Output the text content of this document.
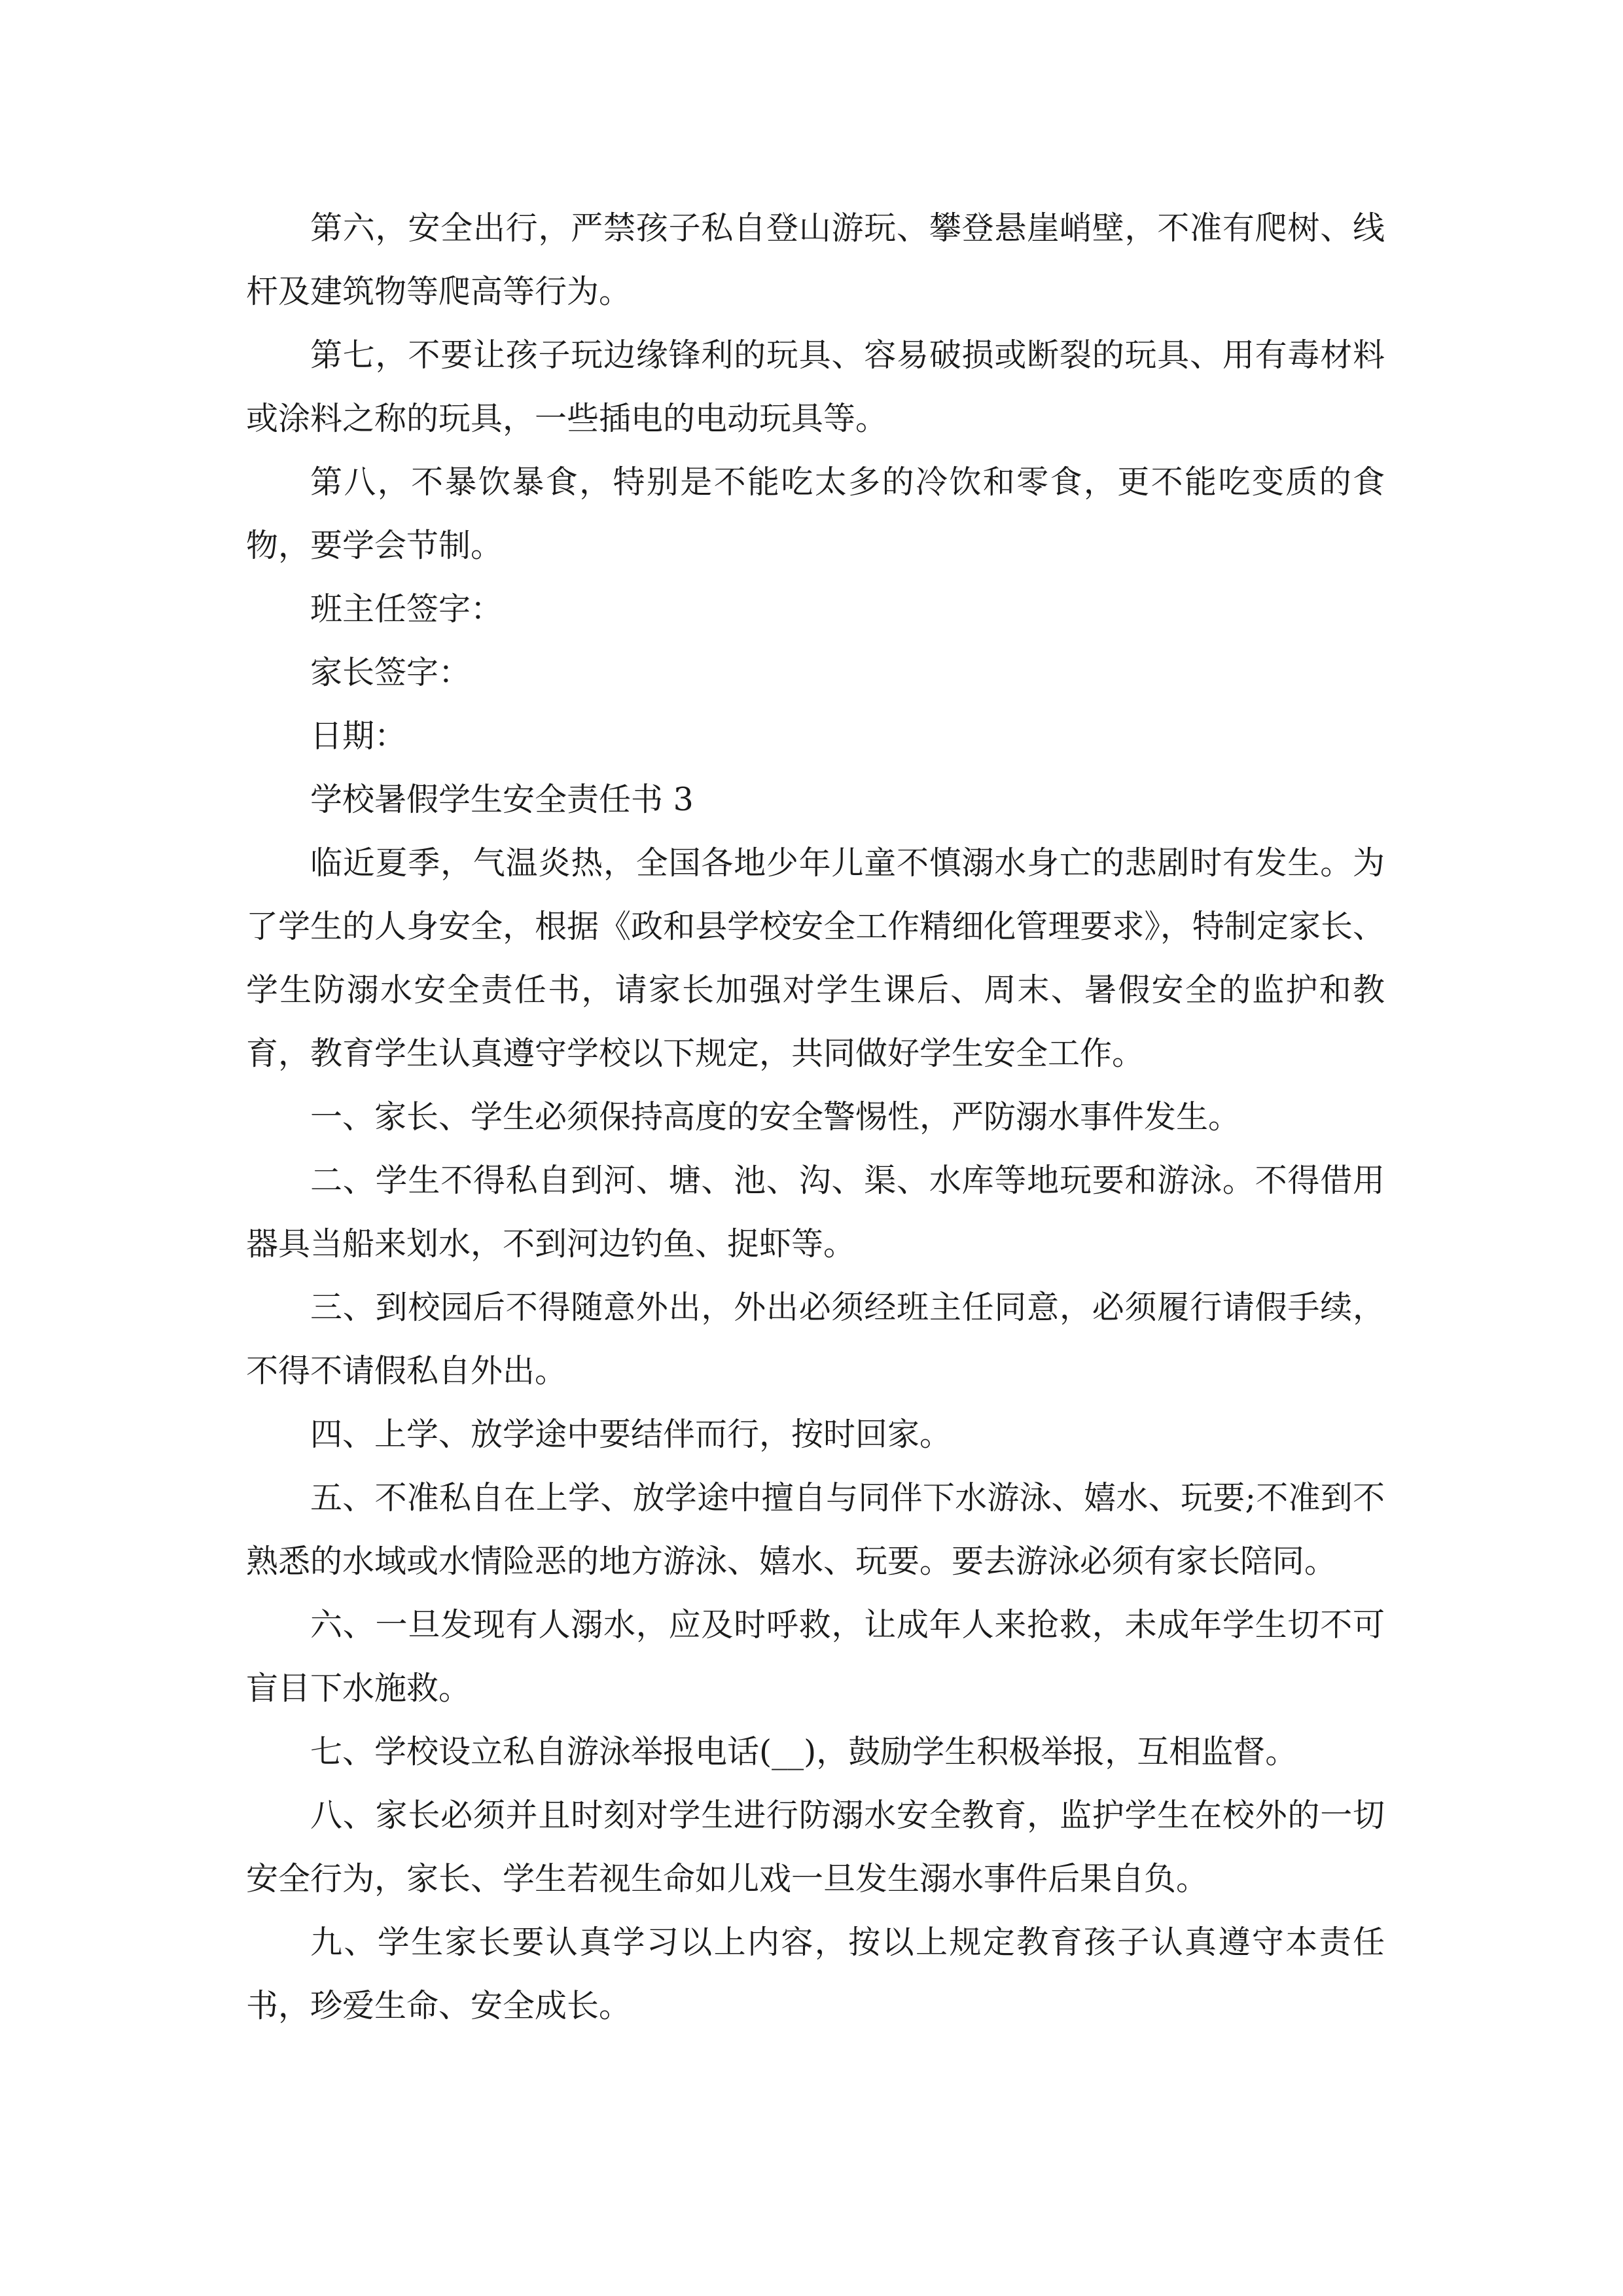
第六，安全出行，严禁孩子私自登山游玩、攀登悬崖峭壁，不准有爬树、线杆及建筑物等爬高等行为。

第七，不要让孩子玩边缘锋利的玩具、容易破损或断裂的玩具、用有毒材料或涂料之称的玩具，一些插电的电动玩具等。

第八，不暴饮暴食，特别是不能吃太多的冷饮和零食，更不能吃变质的食物，要学会节制。

班主任签字：

家长签字：

日期：

学校暑假学生安全责任书 3

临近夏季，气温炎热，全国各地少年儿童不慎溺水身亡的悲剧时有发生。为了学生的人身安全，根据《政和县学校安全工作精细化管理要求》，特制定家长、学生防溺水安全责任书，请家长加强对学生课后、周末、暑假安全的监护和教育，教育学生认真遵守学校以下规定，共同做好学生安全工作。

一、家长、学生必须保持高度的安全警惕性，严防溺水事件发生。

二、学生不得私自到河、塘、池、沟、渠、水库等地玩要和游泳。不得借用器具当船来划水，不到河边钓鱼、捉虾等。

三、到校园后不得随意外出，外出必须经班主任同意，必须履行请假手续，不得不请假私自外出。

四、上学、放学途中要结伴而行，按时回家。

五、不准私自在上学、放学途中擅自与同伴下水游泳、嬉水、玩要;不准到不熟悉的水域或水情险恶的地方游泳、嬉水、玩要。要去游泳必须有家长陪同。

六、一旦发现有人溺水，应及时呼救，让成年人来抢救，未成年学生切不可盲目下水施救。

七、学校设立私自游泳举报电话(__)，鼓励学生积极举报，互相监督。

八、家长必须并且时刻对学生进行防溺水安全教育，监护学生在校外的一切安全行为，家长、学生若视生命如儿戏一旦发生溺水事件后果自负。

九、学生家长要认真学习以上内容，按以上规定教育孩子认真遵守本责任书，珍爱生命、安全成长。
